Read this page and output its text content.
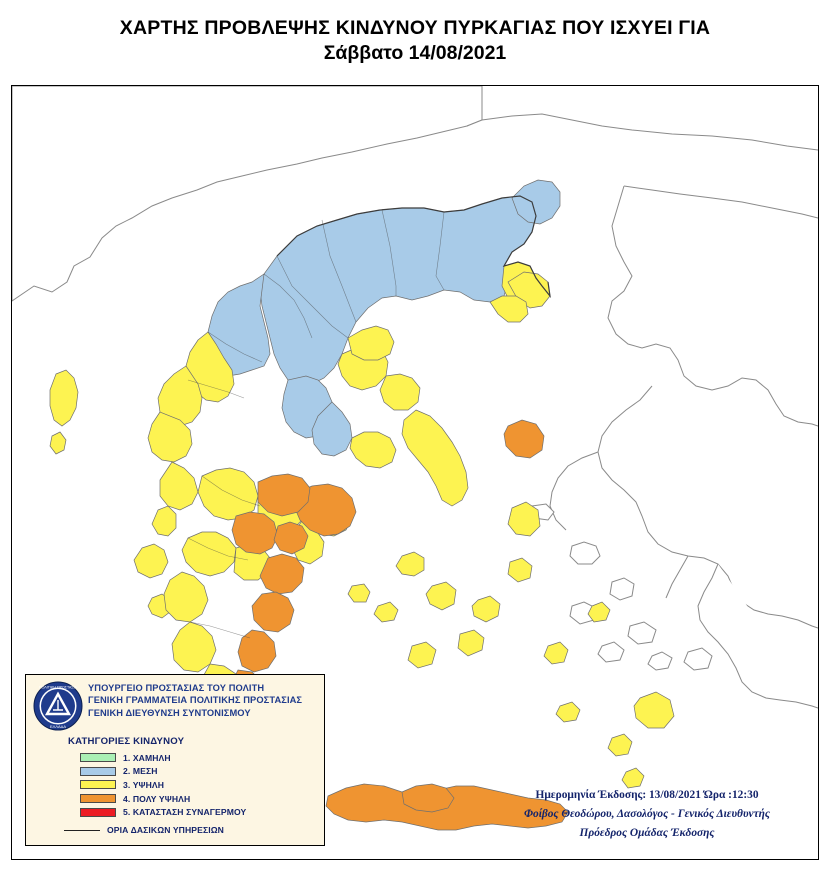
ΧΑΡΤΗΣ ΠΡΟΒΛΕΨΗΣ ΚΙΝΔΥΝΟΥ ΠΥΡΚΑΓΙΑΣ ΠΟΥ ΙΣΧΥΕΙ ΓΙΑ
Σάββατο 14/08/2021
ΠΟΛΙΤΙΚΗ ΠΡΟΣΤΑΣΙΑ
ΕΛΛΑΔΑ
ΥΠΟΥΡΓΕΙΟ ΠΡΟΣΤΑΣΙΑΣ ΤΟΥ ΠΟΛΙΤΗ
ΓΕΝΙΚΗ ΓΡΑΜΜΑΤΕΙΑ ΠΟΛΙΤΙΚΗΣ ΠΡΟΣΤΑΣΙΑΣ
ΓΕΝΙΚΗ ΔΙΕΥΘΥΝΣΗ ΣΥΝΤΟΝΙΣΜΟΥ
ΚΑΤΗΓΟΡΙΕΣ ΚΙΝΔΥΝΟΥ
1. ΧΑΜΗΛΗ
2. ΜΕΣΗ
3. ΥΨΗΛΗ
4. ΠΟΛΥ ΥΨΗΛΗ
5. ΚΑΤΑΣΤΑΣΗ ΣΥΝΑΓΕΡΜΟΥ
ΟΡΙΑ ΔΑΣΙΚΩΝ ΥΠΗΡΕΣΙΩΝ
Ημερομηνία Έκδοσης: 13/08/2021 Ώρα :12:30
Φοίβος Θεοδώρου, Δασολόγος - Γενικός Διευθυντής
Πρόεδρος Ομάδας Έκδοσης
